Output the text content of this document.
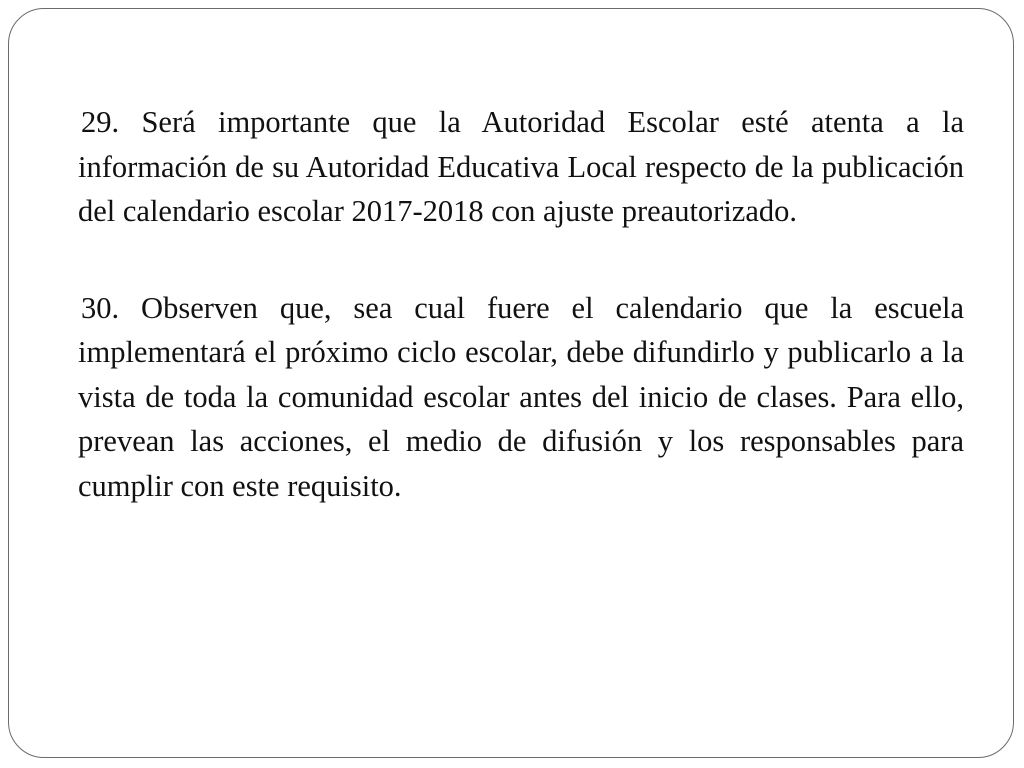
29. Será importante que la Autoridad Escolar esté atenta a la información de su Autoridad Educativa Local respecto de la publicación del calendario escolar 2017-2018 con ajuste preautorizado.

30. Observen que, sea cual fuere el calendario que la escuela implementará el próximo ciclo escolar, debe difundirlo y publicarlo a la vista de toda la comunidad escolar antes del inicio de clases. Para ello, prevean las acciones, el medio de difusión y los responsables para cumplir con este requisito.
